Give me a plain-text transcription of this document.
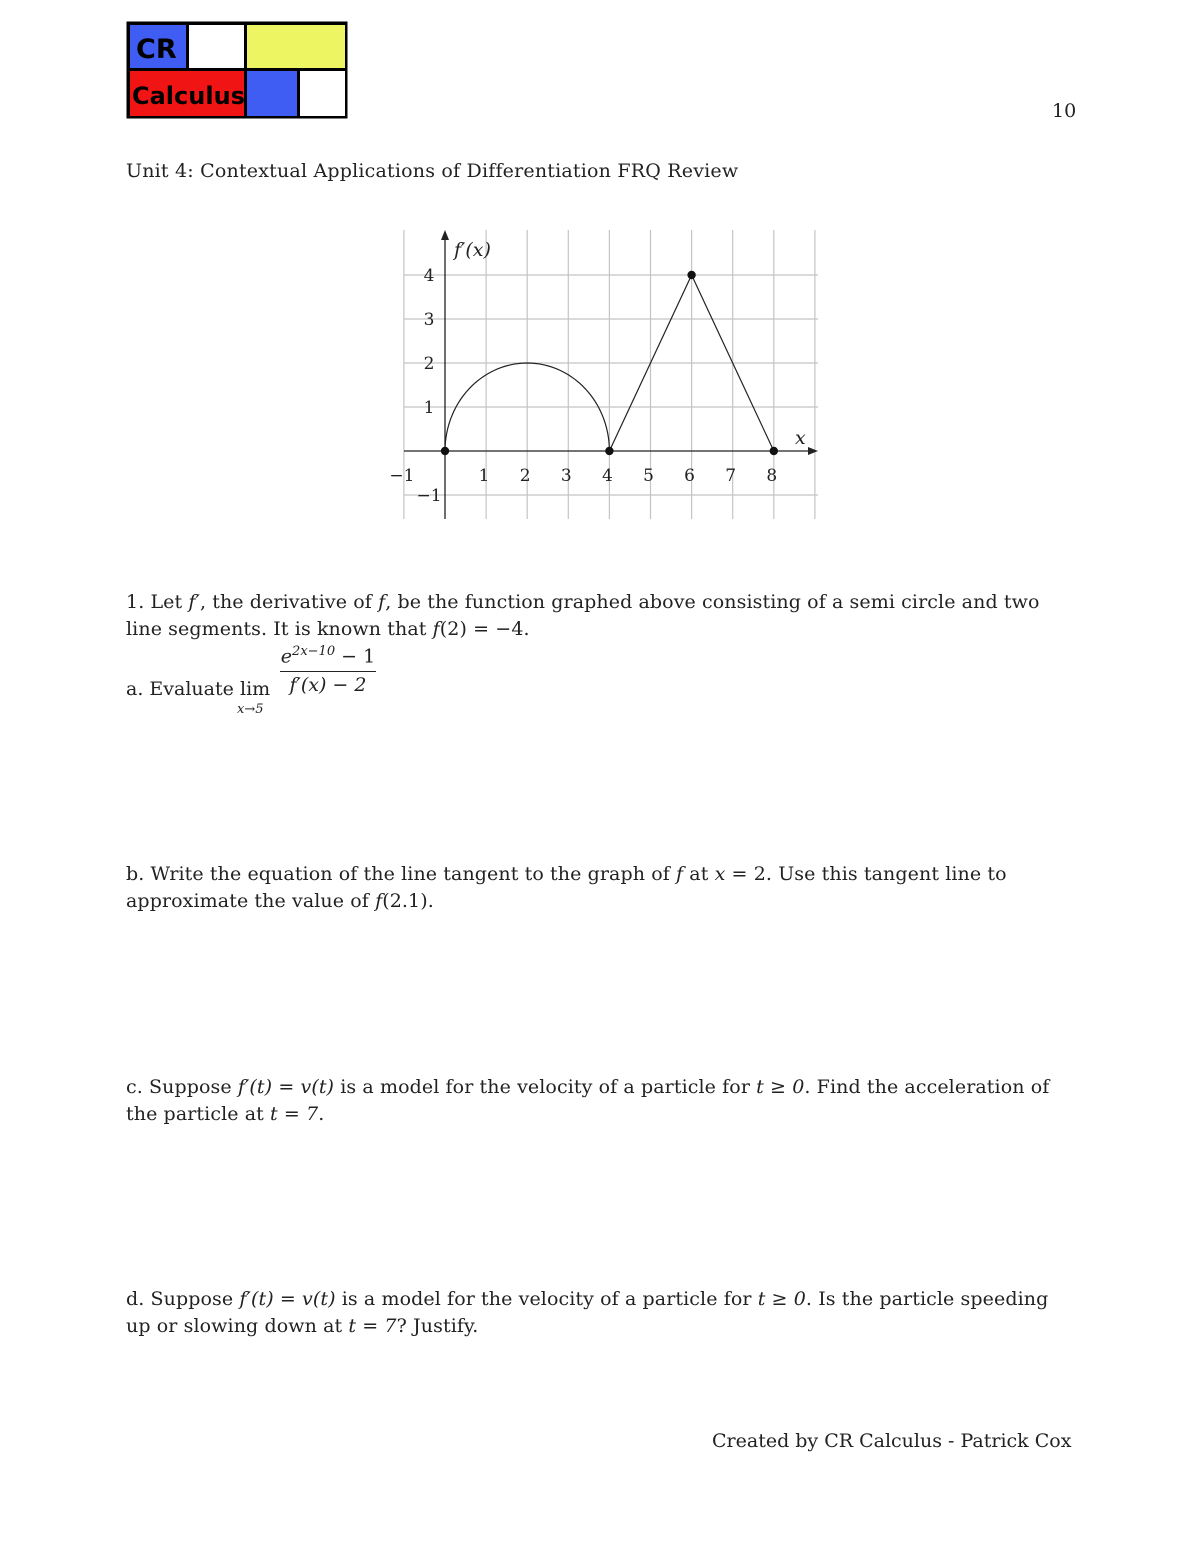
CR
Calculus
10
Unit 4: Contextual Applications of Differentiation FRQ Review
−1	1 2 3 4 5 6 7 8
4
3
2
1
−1
f′(x)
x
1. Let f′, the derivative of f, be the function graphed above consisting of a semi circle and two line segments. It is known that f(2) = −4.
a. Evaluate lim
x→5
$e^{2x-10} - 1$
f′(x) − 2
b. Write the equation of the line tangent to the graph of f at x = 2. Use this tangent line to approximate the value of f(2.1).
c. Suppose f′(t) = v(t) is a model for the velocity of a particle for t ≥ 0. Find the acceleration of the particle at t = 7.
d. Suppose f′(t) = v(t) is a model for the velocity of a particle for t ≥ 0. Is the particle speeding up or slowing down at t = 7? Justify.
Created by CR Calculus - Patrick Cox
